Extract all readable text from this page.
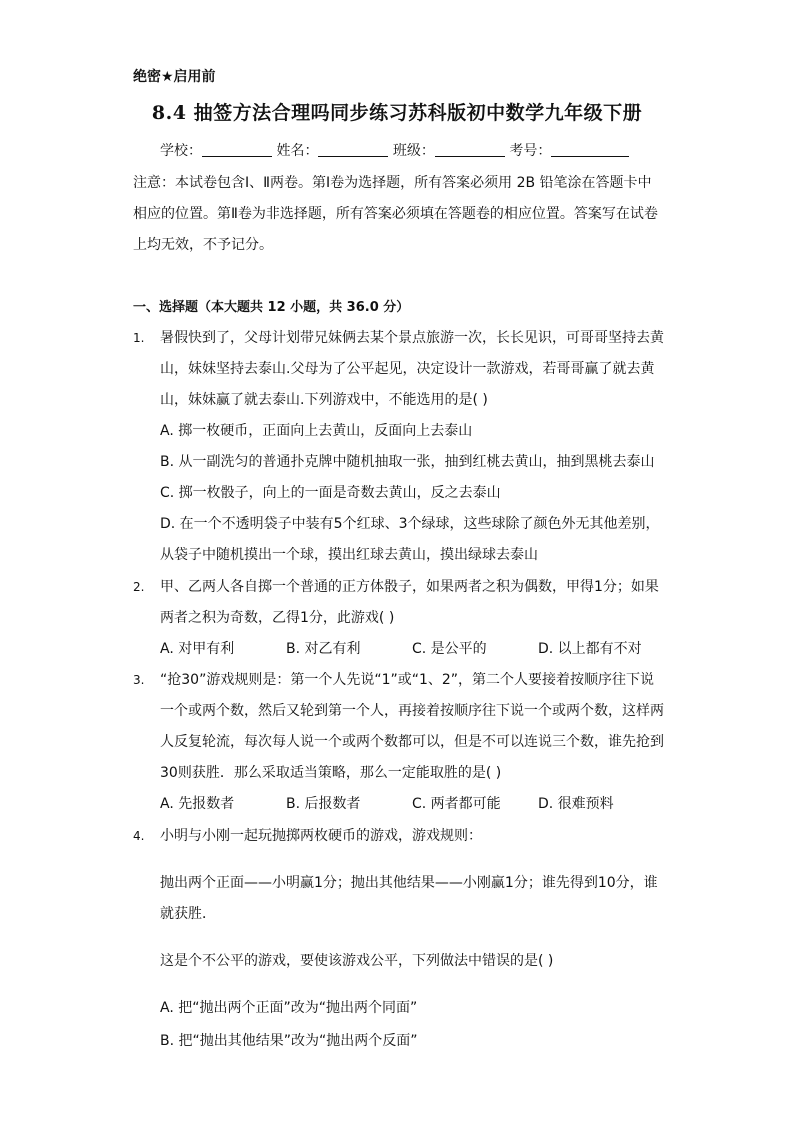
绝密★启用前
8.4 抽签方法合理吗同步练习苏科版初中数学九年级下册
学校：	姓名：	班级：	考号：
注意：本试卷包含Ⅰ、Ⅱ两卷。第Ⅰ卷为选择题，所有答案必须用 2B 铅笔涂在答题卡中相应的位置。第Ⅱ卷为非选择题，所有答案必须填在答题卷的相应位置。答案写在试卷上均无效，不予记分。
一、选择题（本大题共 12 小题，共 36.0 分）
1.	暑假快到了，父母计划带兄妹俩去某个景点旅游一次，长长见识，可哥哥坚持去黄山，妹妹坚持去泰山.父母为了公平起见，决定设计一款游戏，若哥哥赢了就去黄山，妹妹赢了就去泰山.下列游戏中，不能选用的是( )
A. 掷一枚硬币，正面向上去黄山，反面向上去泰山
B. 从一副洗匀的普通扑克牌中随机抽取一张，抽到红桃去黄山，抽到黑桃去泰山
C. 掷一枚骰子，向上的一面是奇数去黄山，反之去泰山
D. 在一个不透明袋子中装有5个红球、3个绿球，这些球除了颜色外无其他差别，从袋子中随机摸出一个球，摸出红球去黄山，摸出绿球去泰山
2.	甲、乙两人各自掷一个普通的正方体骰子，如果两者之积为偶数，甲得1分；如果两者之积为奇数，乙得1分，此游戏( )
A. 对甲有利	B. 对乙有利	C. 是公平的	D. 以上都有不对
3.	“抢30”游戏规则是：第一个人先说“1”或“1、2”，第二个人要接着按顺序往下说一个或两个数，然后又轮到第一个人，再接着按顺序往下说一个或两个数，这样两人反复轮流，每次每人说一个或两个数都可以，但是不可以连说三个数，谁先抢到30则获胜．那么采取适当策略，那么一定能取胜的是( )
A. 先报数者	B. 后报数者	C. 两者都可能	D. 很难预料
4.	小明与小刚一起玩抛掷两枚硬币的游戏，游戏规则：
抛出两个正面——小明赢1分；抛出其他结果——小刚赢1分；谁先得到10分，谁就获胜．
这是个不公平的游戏，要使该游戏公平，下列做法中错误的是( )
A. 把“抛出两个正面”改为“抛出两个同面”
B. 把“抛出其他结果”改为“抛出两个反面”
